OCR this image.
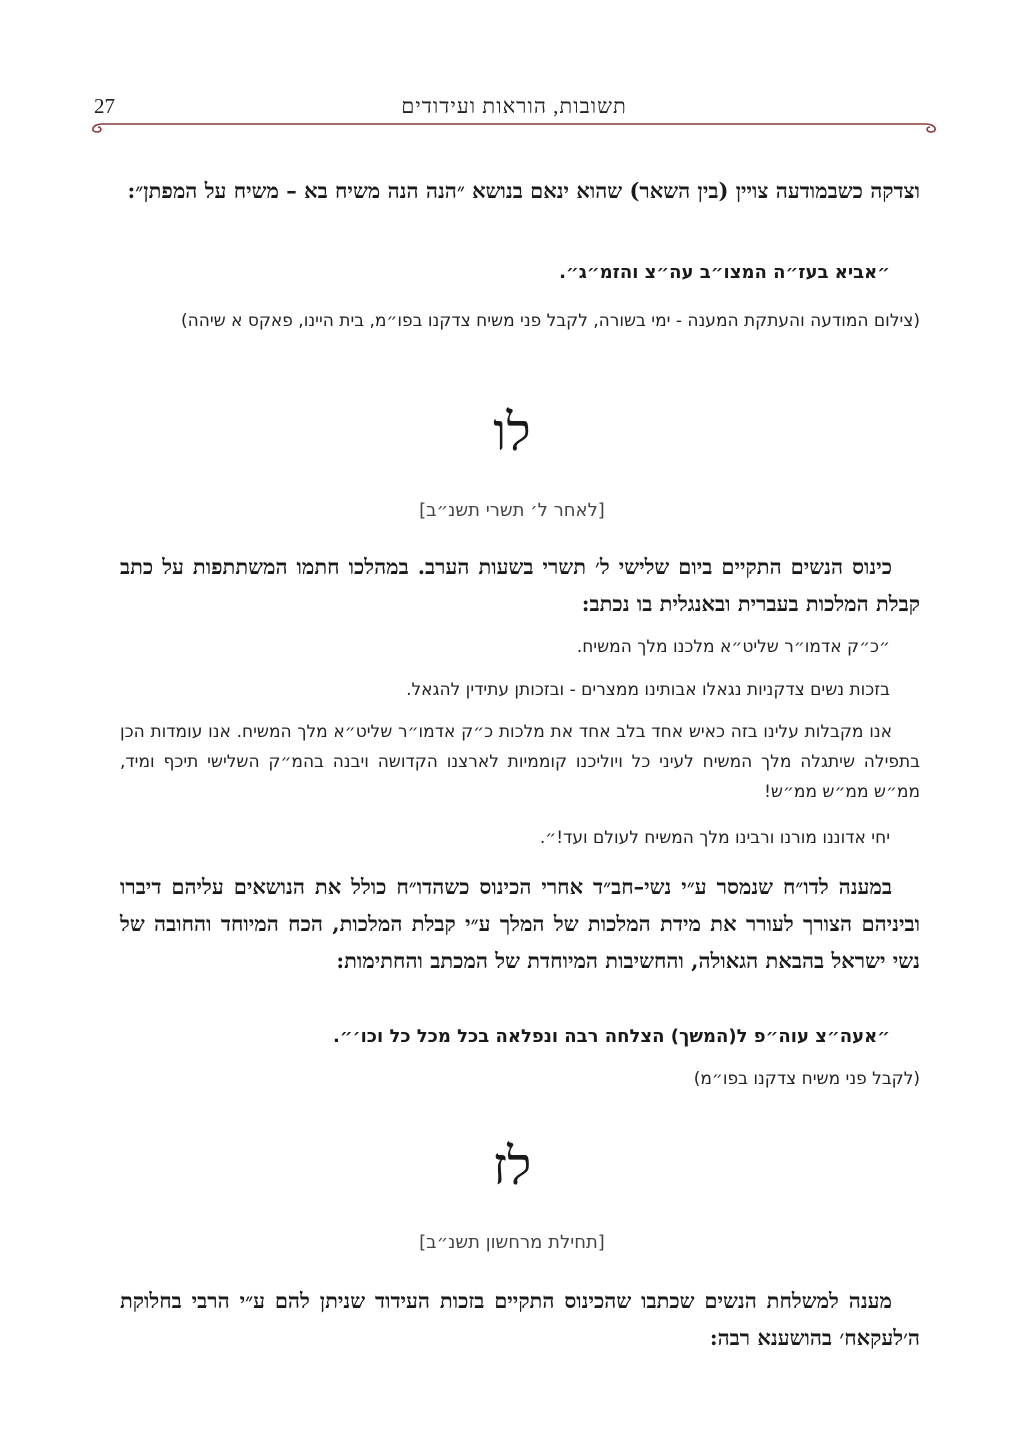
27	תשובות, הוראות ועידודים

וצדקה כשבמודעה צויין (בין השאר) שהוא ינאם בנושא ״הנה הנה משיח בא – משיח על המפתן״:

״אביא בעז״ה המצו״ב עה״צ והזמ״ג״.

(צילום המודעה והעתקת המענה - ימי בשורה, לקבל פני משיח צדקנו בפו״מ, בית היינו, פאקס א שיהה)

לו
[לאחר ל׳ תשרי תשנ״ב]

כינוס הנשים התקיים ביום שלישי ל׳ תשרי בשעות הערב. במהלכו חתמו המשתתפות על כתב קבלת המלכות בעברית ובאנגלית בו נכתב:

״כ״ק אדמו״ר שליט״א מלכנו מלך המשיח.

בזכות נשים צדקניות נגאלו אבותינו ממצרים - ובזכותן עתידין להגאל.

אנו מקבלות עלינו בזה כאיש אחד בלב אחד את מלכות כ״ק אדמו״ר שליט״א מלך המשיח. אנו עומדות הכן בתפילה שיתגלה מלך המשיח לעיני כל ויוליכנו קוממיות לארצנו הקדושה ויבנה בהמ״ק השלישי תיכף ומיד, ממ״ש ממ״ש ממ״ש!

יחי אדוננו מורנו ורבינו מלך המשיח לעולם ועד!״.

במענה לדו״ח שנמסר ע״י נשי–חב״ד אחרי הכינוס כשהדו״ח כולל את הנושאים עליהם דיברו וביניהם הצורך לעורר את מידת המלכות של המלך ע״י קבלת המלכות, הכח המיוחד והחובה של נשי ישראל בהבאת הגאולה, והחשיבות המיוחדת של המכתב והחתימות:

״אעה״צ עוה״פ ל(המשך) הצלחה רבה ונפלאה בכל מכל כל וכו׳״.

(לקבל פני משיח צדקנו בפו״מ)

לז
[תחילת מרחשון תשנ״ב]

מענה למשלחת הנשים שכתבו שהכינוס התקיים בזכות העידוד שניתן להם ע״י הרבי בחלוקת ה׳לעקאח׳ בהושענא רבה:
